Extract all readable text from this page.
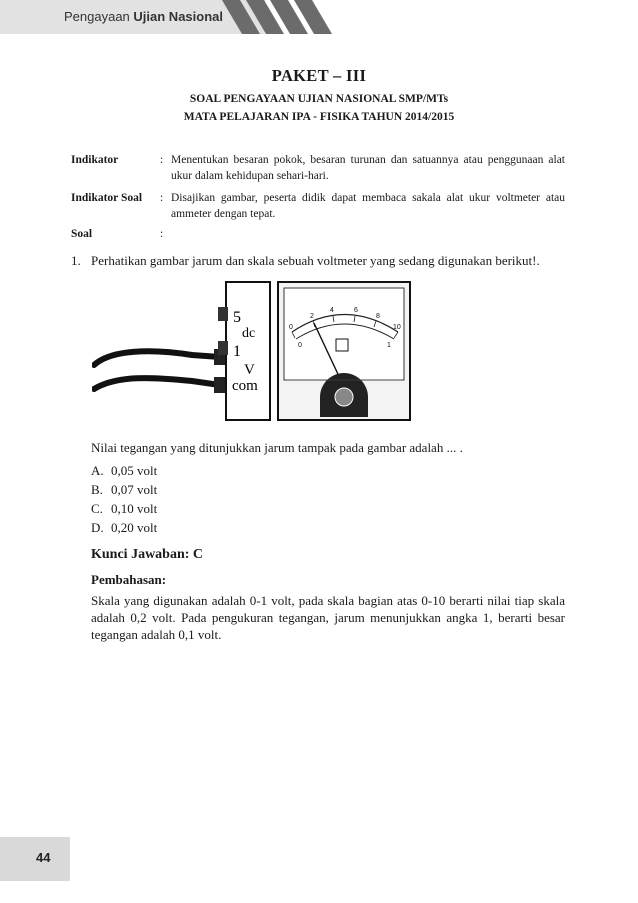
Pengayaan Ujian Nasional
PAKET – III
SOAL PENGAYAAN UJIAN NASIONAL SMP/MTs
MATA PELAJARAN IPA - FISIKA TAHUN 2014/2015
Indikator	: Menentukan besaran pokok, besaran turunan dan satuannya atau penggunaan alat ukur dalam kehidupan sehari-hari.
Indikator Soal : Disajikan gambar, peserta didik dapat membaca sakala alat ukur voltmeter atau ammeter dengan tepat.
Soal	:
1. Perhatikan gambar jarum dan skala sebuah voltmeter yang sedang digunakan berikut!.
5
dc
1
V
com
0
2
4	6
8
10
0	1
Nilai tegangan yang ditunjukkan jarum tampak pada gambar adalah ... .
A. 0,05 volt
B. 0,07 volt
C. 0,10 volt
D. 0,20 volt
Kunci Jawaban: C
Pembahasan:
Skala yang digunakan adalah 0-1 volt, pada skala bagian atas 0-10 berarti nilai tiap skala adalah 0,2 volt. Pada pengukuran tegangan, jarum menunjukkan angka 1, berarti besar tegangan adalah 0,1 volt.
44
